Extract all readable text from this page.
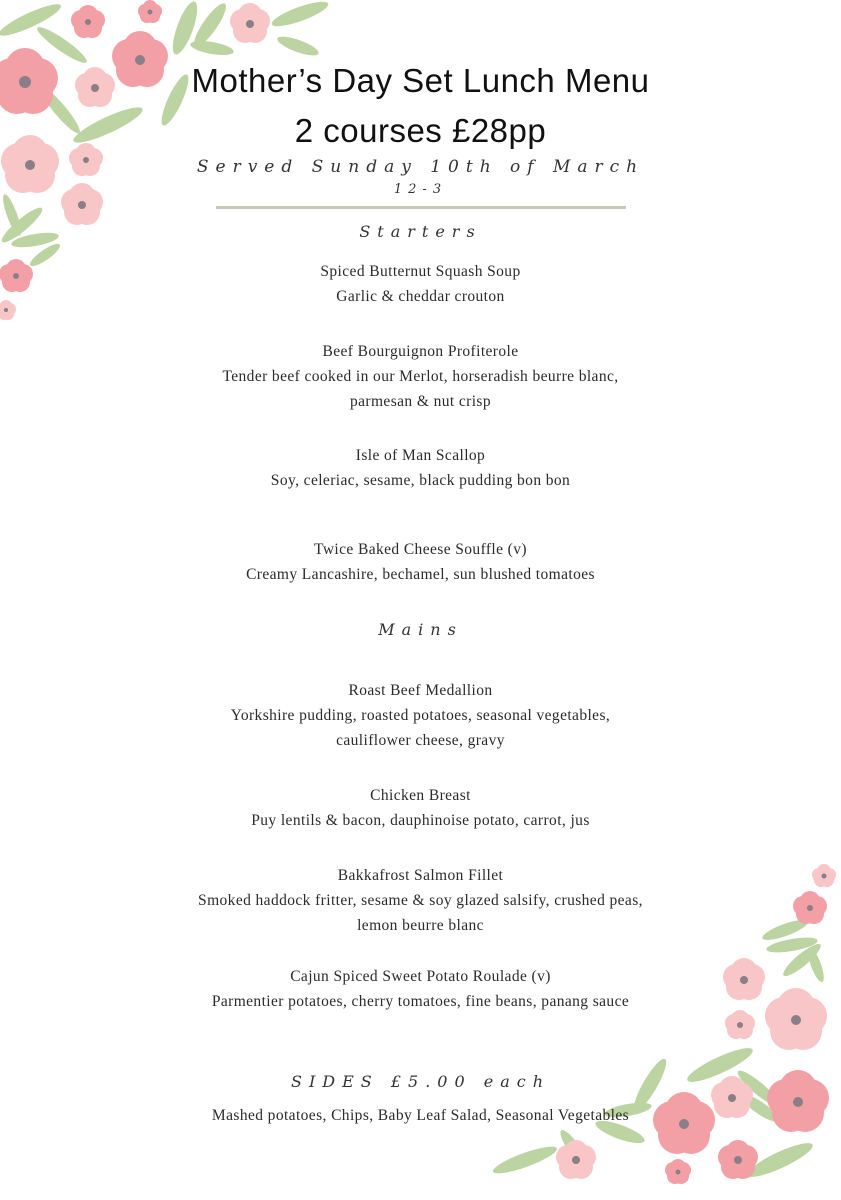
Mother’s Day Set Lunch Menu
2 courses £28pp
Served Sunday 10th of March
12-3
Starters
Spiced Butternut Squash Soup
Garlic & cheddar crouton
Beef Bourguignon Profiterole
Tender beef cooked in our Merlot, horseradish beurre blanc,
parmesan & nut crisp
Isle of Man Scallop
Soy, celeriac, sesame, black pudding bon bon
Twice Baked Cheese Souffle (v)
Creamy Lancashire, bechamel, sun blushed tomatoes
Mains
Roast Beef Medallion
Yorkshire pudding, roasted potatoes, seasonal vegetables,
cauliflower cheese, gravy
Chicken Breast
Puy lentils & bacon, dauphinoise potato, carrot, jus
Bakkafrost Salmon Fillet
Smoked haddock fritter, sesame & soy glazed salsify, crushed peas,
lemon beurre blanc
Cajun Spiced Sweet Potato Roulade (v)
Parmentier potatoes, cherry tomatoes, fine beans, panang sauce
SIDES £5.00 each
Mashed potatoes, Chips, Baby Leaf Salad, Seasonal Vegetables
